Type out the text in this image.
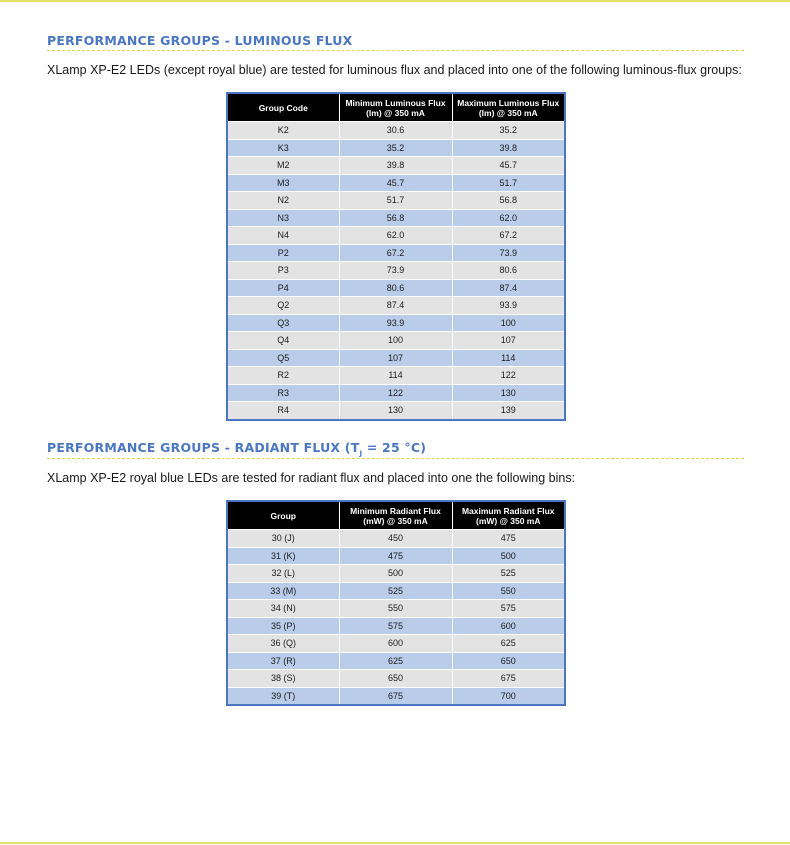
PERFORMANCE GROUPS - LUMINOUS FLUX

XLamp XP-E2 LEDs (except royal blue) are tested for luminous flux and placed into one of the following luminous-flux groups:

Group Code	Minimum Luminous Flux (lm) @ 350 mA	Maximum Luminous Flux (lm) @ 350 mA
K2	30.6	35.2
K3	35.2	39.8
M2	39.8	45.7
M3	45.7	51.7
N2	51.7	56.8
N3	56.8	62.0
N4	62.0	67.2
P2	67.2	73.9
P3	73.9	80.6
P4	80.6	87.4
Q2	87.4	93.9
Q3	93.9	100
Q4	100	107
Q5	107	114
R2	114	122
R3	122	130
R4	130	139
PERFORMANCE GROUPS - RADIANT FLUX ($T_J = 25$ °C)

XLamp XP-E2 royal blue LEDs are tested for radiant flux and placed into one the following bins:

Group	Minimum Radiant Flux (mW) @ 350 mA	Maximum Radiant Flux (mW) @ 350 mA
30 (J)	450	475
31 (K)	475	500
32 (L)	500	525
33 (M)	525	550
34 (N)	550	575
35 (P)	575	600
36 (Q)	600	625
37 (R)	625	650
38 (S)	650	675
39 (T)	675	700
